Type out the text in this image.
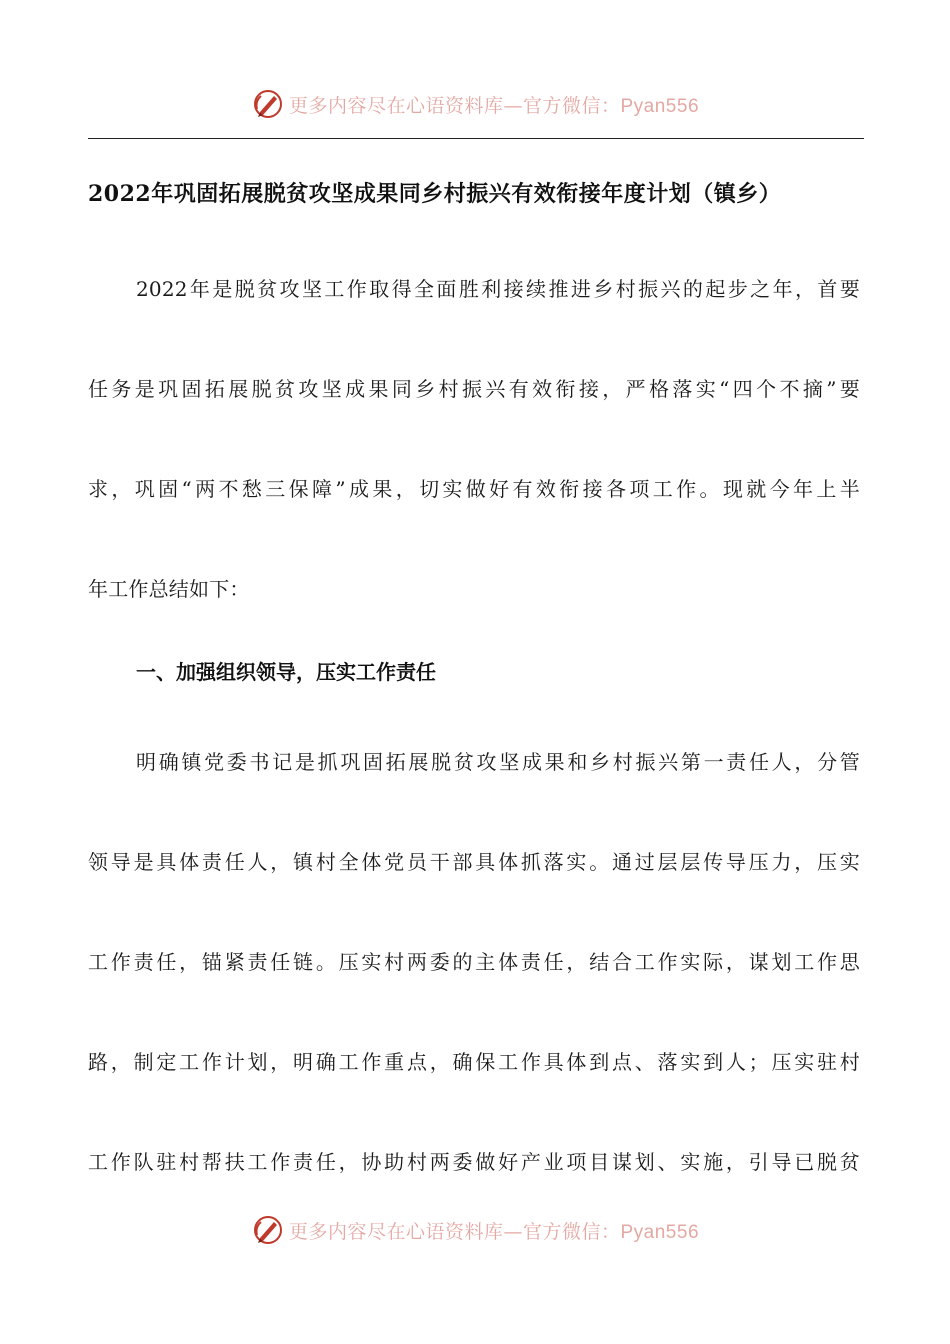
更多内容尽在心语资料库—官方微信：Pyan556
2022年巩固拓展脱贫攻坚成果同乡村振兴有效衔接年度计划（镇乡）
2022年是脱贫攻坚工作取得全面胜利接续推进乡村振兴的起步之年，首要
任务是巩固拓展脱贫攻坚成果同乡村振兴有效衔接，严格落实“四个不摘”要
求，巩固“两不愁三保障”成果，切实做好有效衔接各项工作。现就今年上半
年工作总结如下：
一、加强组织领导，压实工作责任
明确镇党委书记是抓巩固拓展脱贫攻坚成果和乡村振兴第一责任人，分管
领导是具体责任人，镇村全体党员干部具体抓落实。通过层层传导压力，压实
工作责任，锚紧责任链。压实村两委的主体责任，结合工作实际，谋划工作思
路，制定工作计划，明确工作重点，确保工作具体到点、落实到人；压实驻村
工作队驻村帮扶工作责任，协助村两委做好产业项目谋划、实施，引导已脱贫
更多内容尽在心语资料库—官方微信：Pyan556
